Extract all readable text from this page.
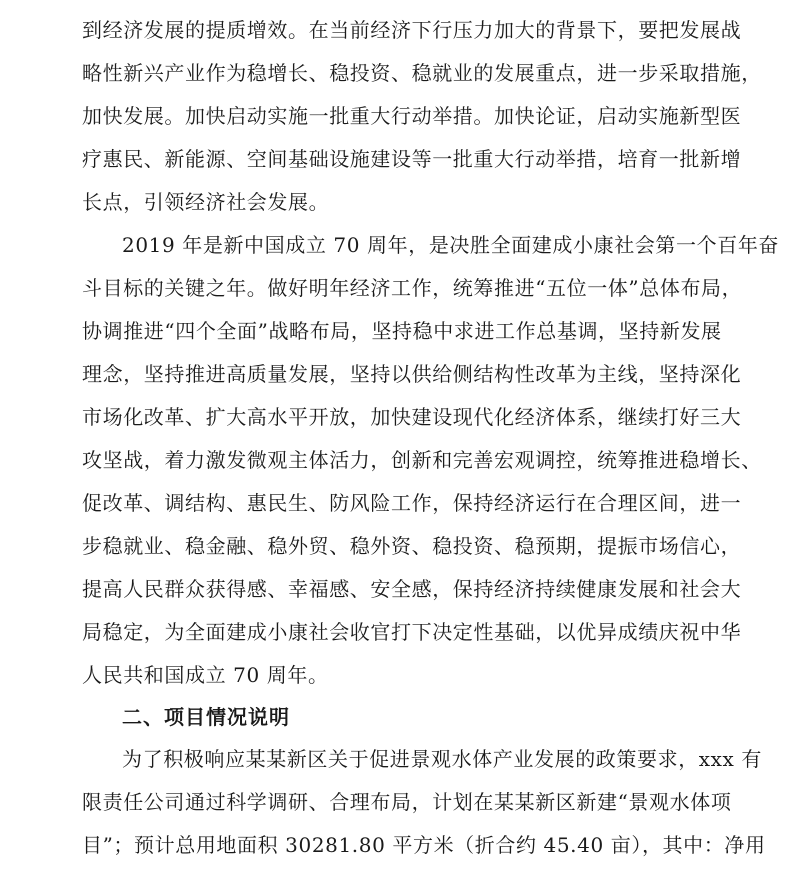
到经济发展的提质增效。在当前经济下行压力加大的背景下，要把发展战
略性新兴产业作为稳增长、稳投资、稳就业的发展重点，进一步采取措施，
加快发展。加快启动实施一批重大行动举措。加快论证，启动实施新型医
疗惠民、新能源、空间基础设施建设等一批重大行动举措，培育一批新增
长点，引领经济社会发展。
2019 年是新中国成立 70 周年，是决胜全面建成小康社会第一个百年奋
斗目标的关键之年。做好明年经济工作，统筹推进“五位一体”总体布局，
协调推进“四个全面”战略布局，坚持稳中求进工作总基调，坚持新发展
理念，坚持推进高质量发展，坚持以供给侧结构性改革为主线，坚持深化
市场化改革、扩大高水平开放，加快建设现代化经济体系，继续打好三大
攻坚战，着力激发微观主体活力，创新和完善宏观调控，统筹推进稳增长、
促改革、调结构、惠民生、防风险工作，保持经济运行在合理区间，进一
步稳就业、稳金融、稳外贸、稳外资、稳投资、稳预期，提振市场信心，
提高人民群众获得感、幸福感、安全感，保持经济持续健康发展和社会大
局稳定，为全面建成小康社会收官打下决定性基础，以优异成绩庆祝中华
人民共和国成立 70 周年。
二、项目情况说明
为了积极响应某某新区关于促进景观水体产业发展的政策要求，xxx 有
限责任公司通过科学调研、合理布局，计划在某某新区新建“景观水体项
目”；预计总用地面积 30281.80 平方米（折合约 45.40 亩），其中：净用
